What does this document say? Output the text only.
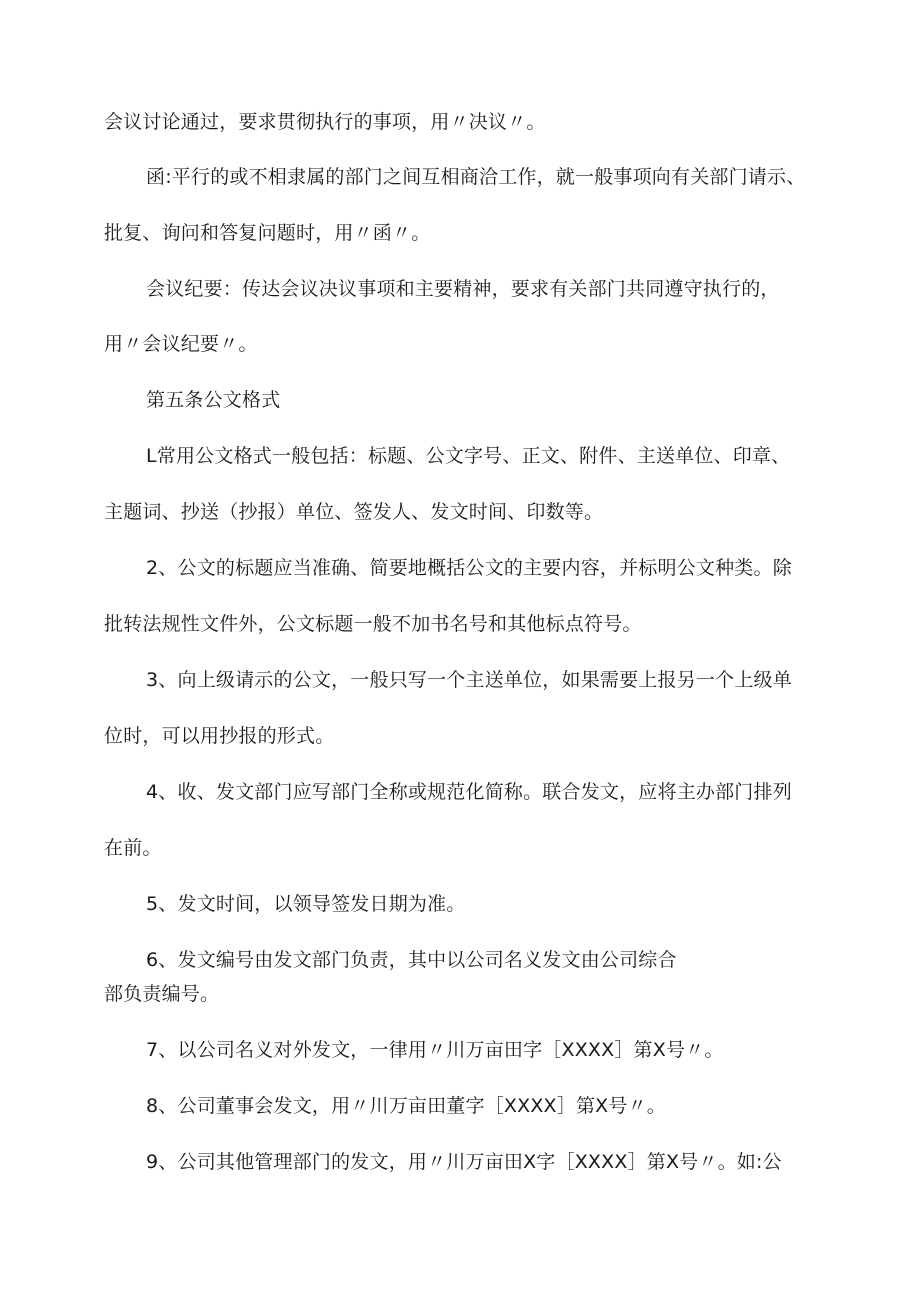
会议讨论通过，要求贯彻执行的事项，用〃决议〃。
函:平行的或不相隶属的部门之间互相商洽工作，就一般事项向有关部门请示、
批复、询问和答复问题时，用〃函〃。
会议纪要：传达会议决议事项和主要精神，要求有关部门共同遵守执行的，
用〃会议纪要〃。
第五条公文格式
L常用公文格式一般包括：标题、公文字号、正文、附件、主送单位、印章、
主题词、抄送（抄报）单位、签发人、发文时间、印数等。
2、公文的标题应当准确、简要地概括公文的主要内容，并标明公文种类。除
批转法规性文件外，公文标题一般不加书名号和其他标点符号。
3、向上级请示的公文，一般只写一个主送单位，如果需要上报另一个上级单
位时，可以用抄报的形式。
4、收、发文部门应写部门全称或规范化简称。联合发文，应将主办部门排列
在前。
5、发文时间，以领导签发日期为准。
6、发文编号由发文部门负责，其中以公司名义发文由公司综合
部负责编号。
7、以公司名义对外发文，一律用〃川万亩田字［XXXX］第X号〃。
8、公司董事会发文，用〃川万亩田董字［XXXX］第X号〃。
9、公司其他管理部门的发文，用〃川万亩田X字［XXXX］第X号〃。如:公
